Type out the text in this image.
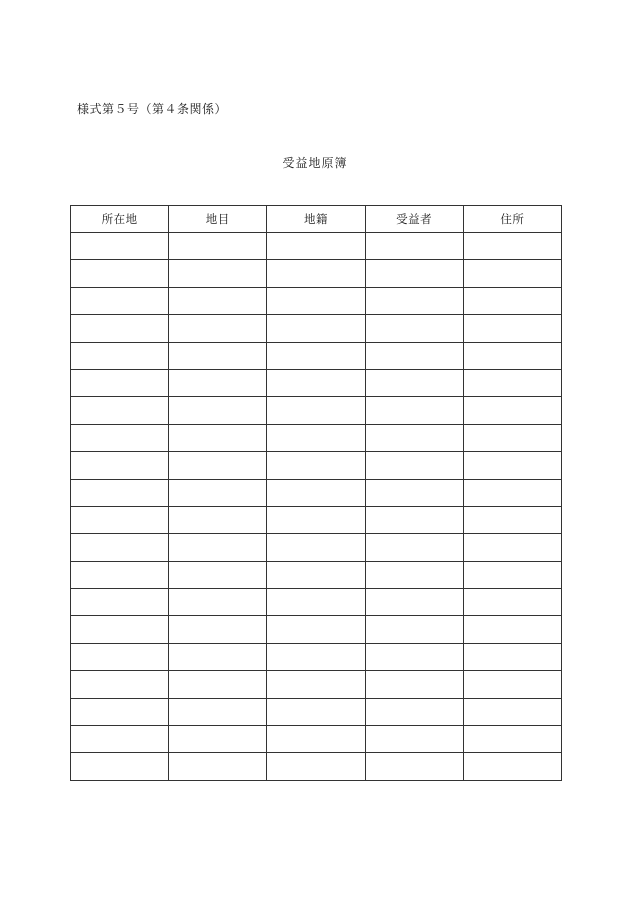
様式第５号（第４条関係）
受益地原簿
所在地	地目	地籍	受益者	住所
